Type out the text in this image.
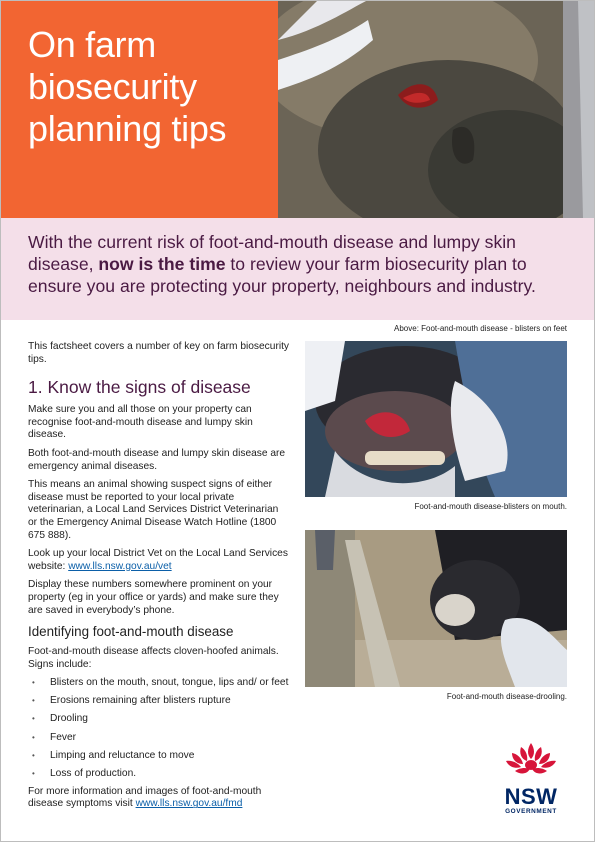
On farm
biosecurity
planning tips

With the current risk of foot-and-mouth disease and lumpy skin disease, now is the time to review your farm biosecurity plan to ensure you are protecting your property, neighbours and industry.

Above: Foot-and-mouth disease - blisters on feet
Foot-and-mouth disease-blisters on mouth.
Foot-and-mouth disease-drooling.

This factsheet covers a number of key on farm biosecurity tips.

1. Know the signs of disease

Make sure you and all those on your property can recognise foot-and-mouth disease and lumpy skin disease.

Both foot-and-mouth disease and lumpy skin disease are emergency animal diseases.

This means an animal showing suspect signs of either disease must be reported to your local private veterinarian, a Local Land Services District Veterinarian or the Emergency Animal Disease Watch Hotline (1800 675 888).

Look up your local District Vet on the Local Land Services website: www.lls.nsw.gov.au/vet

Display these numbers somewhere prominent on your property (eg in your office or yards) and make sure they are saved in everybody’s phone.

Identifying foot-and-mouth disease

Foot-and-mouth disease affects cloven-hoofed animals. Signs include:

• Blisters on the mouth, snout, tongue, lips and/ or feet
• Erosions remaining after blisters rupture
• Drooling
• Fever
• Limping and reluctance to move
• Loss of production.

For more information and images of foot-and-mouth disease symptoms visit www.lls.nsw.gov.au/fmd	NSW
GOVERNMENT
